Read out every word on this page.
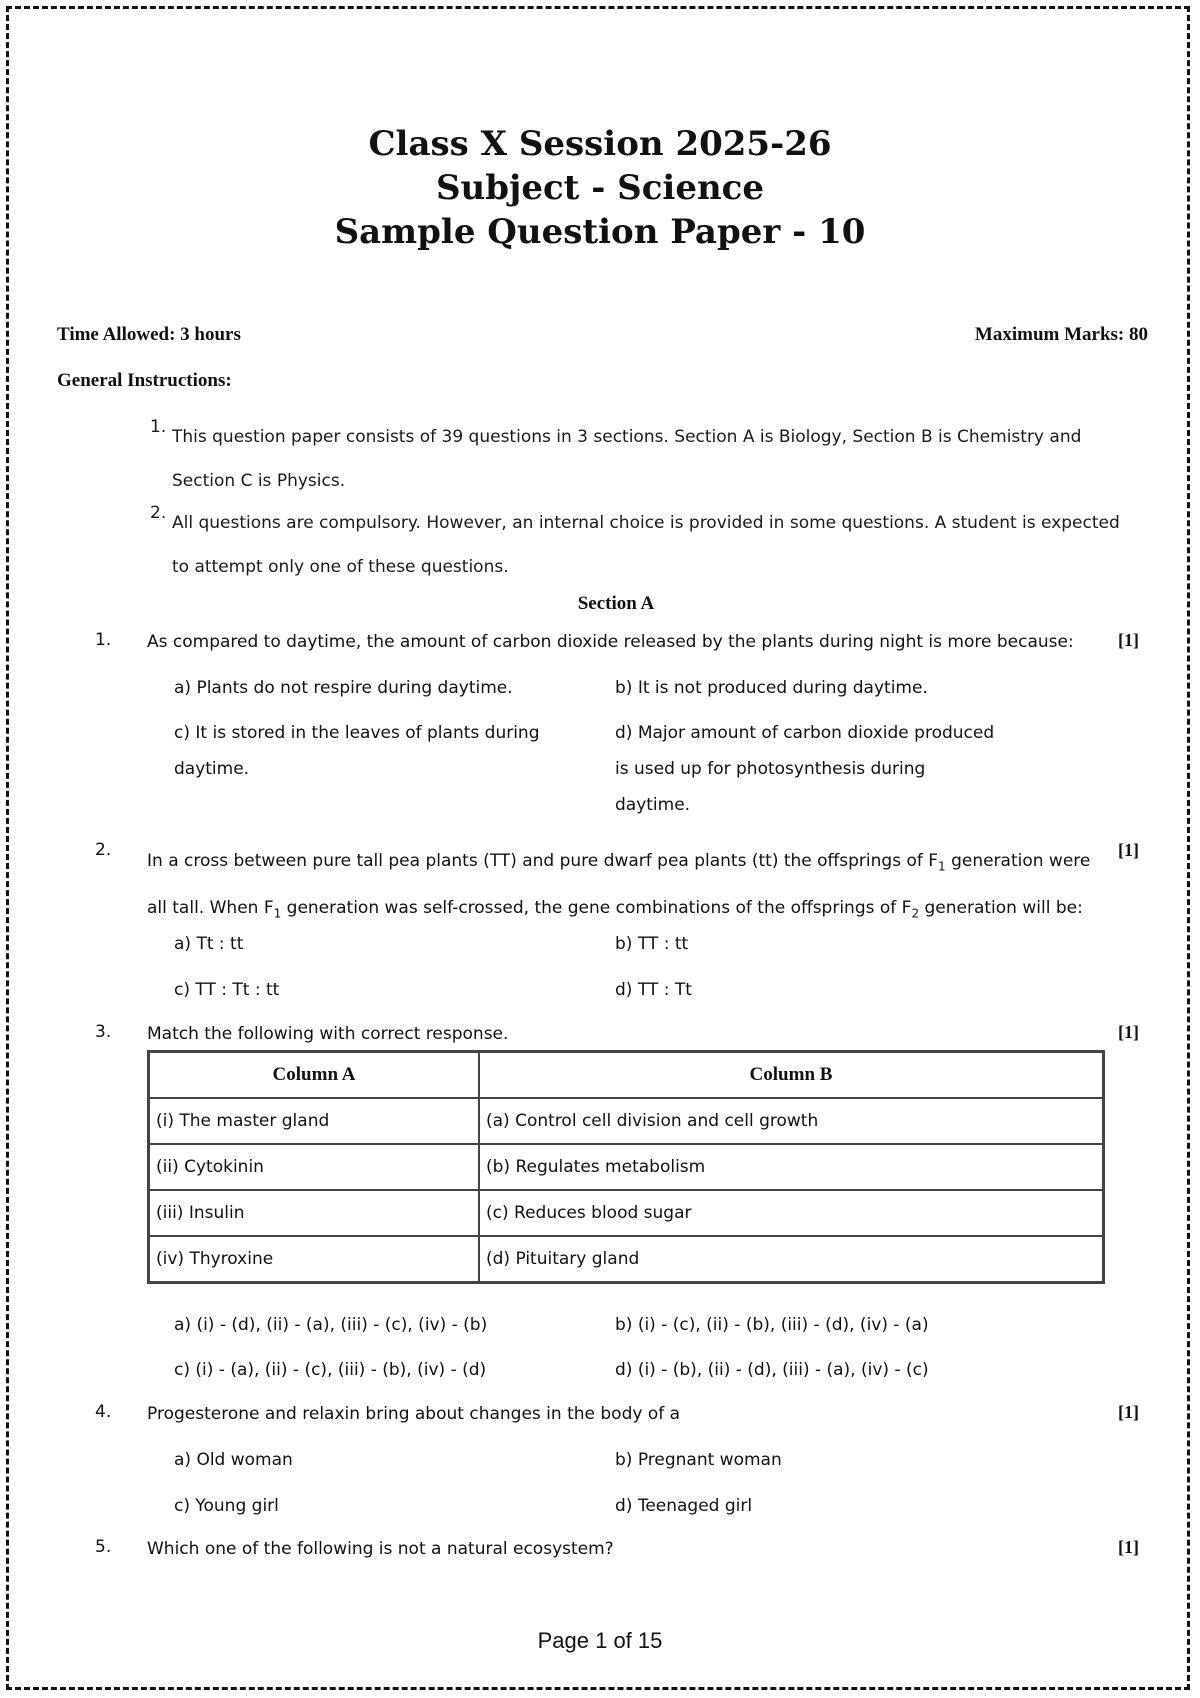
Class X Session 2025-26
Subject - Science
Sample Question Paper - 10
Time Allowed: 3 hours	Maximum Marks: 80
General Instructions:
1. This question paper consists of 39 questions in 3 sections. Section A is Biology, Section B is Chemistry and Section C is Physics.
2. All questions are compulsory. However, an internal choice is provided in some questions. A student is expected to attempt only one of these questions.
Section A
1. As compared to daytime, the amount of carbon dioxide released by the plants during night is more because:	[1]
a) Plants do not respire during daytime.	b) It is not produced during daytime.
c) It is stored in the leaves of plants during daytime.
d) Major amount of carbon dioxide produced is used up for photosynthesis during daytime.
2.
In a cross between pure tall pea plants (TT) and pure dwarf pea plants (tt) the offsprings of $F_1$ generation were all tall. When $F_1$ generation was self-crossed, the gene combinations of the offsprings of $F_2$ generation will be:
[1]
a) Tt : tt	b) TT : tt
c) TT : Tt : tt	d) TT : Tt
3. Match the following with correct response.	[1]
Column A	Column B
(i) The master gland	(a) Control cell division and cell growth
(ii) Cytokinin	(b) Regulates metabolism
(iii) Insulin	(c) Reduces blood sugar
(iv) Thyroxine	(d) Pituitary gland
a) (i) - (d), (ii) - (a), (iii) - (c), (iv) - (b)	b) (i) - (c), (ii) - (b), (iii) - (d), (iv) - (a)
c) (i) - (a), (ii) - (c), (iii) - (b), (iv) - (d)	d) (i) - (b), (ii) - (d), (iii) - (a), (iv) - (c)
4. Progesterone and relaxin bring about changes in the body of a	[1]
a) Old woman	b) Pregnant woman
c) Young girl	d) Teenaged girl
5. Which one of the following is not a natural ecosystem?	[1]
Page 1 of 15
